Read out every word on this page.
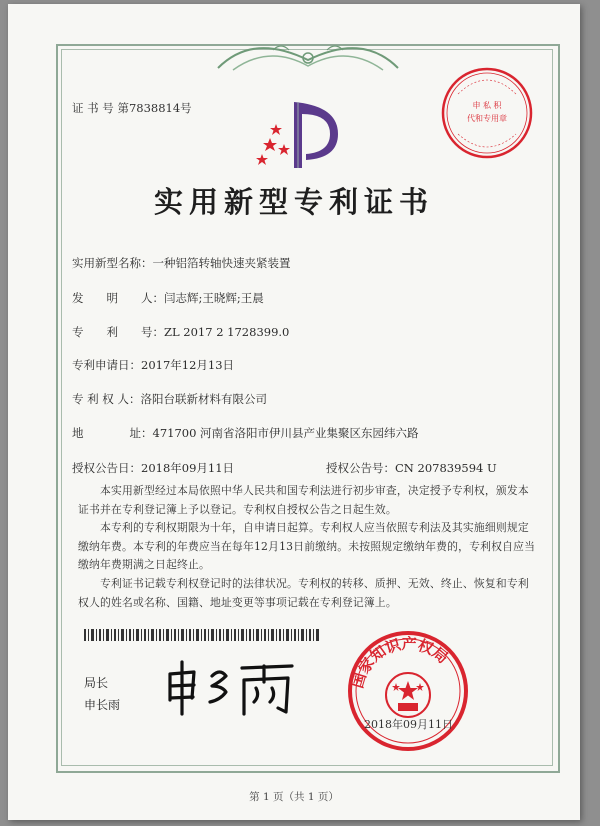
证 书 号 第7838814号	申 私 积
代和专用章
实用新型专利证书
实用新型名称：一种铝箔转轴快速夹紧装置
发　　明　　人：闫志辉;王晓辉;王晨
专　　利　　号：ZL 2017 2 1728399.0
专利申请日：2017年12月13日
专 利 权 人：洛阳台联新材料有限公司
地　　　　址：471700 河南省洛阳市伊川县产业集聚区东园纬六路
授权公告日：2018年09月11日	授权公告号：CN 207839594 U
本实用新型经过本局依照中华人民共和国专利法进行初步审查，决定授予专利权，颁发本证书并在专利登记簿上予以登记。专利权自授权公告之日起生效。
本专利的专利权期限为十年，自申请日起算。专利权人应当依照专利法及其实施细则规定缴纳年费。本专利的年费应当在每年12月13日前缴纳。未按照规定缴纳年费的，专利权自应当缴纳年费期满之日起终止。
专利证书记载专利权登记时的法律状况。专利权的转移、质押、无效、终止、恢复和专利权人的姓名或名称、国籍、地址变更等事项记载在专利登记簿上。
局长
申长雨
国家知识产权局
2018年09月11日
第 1 页（共 1 页）
